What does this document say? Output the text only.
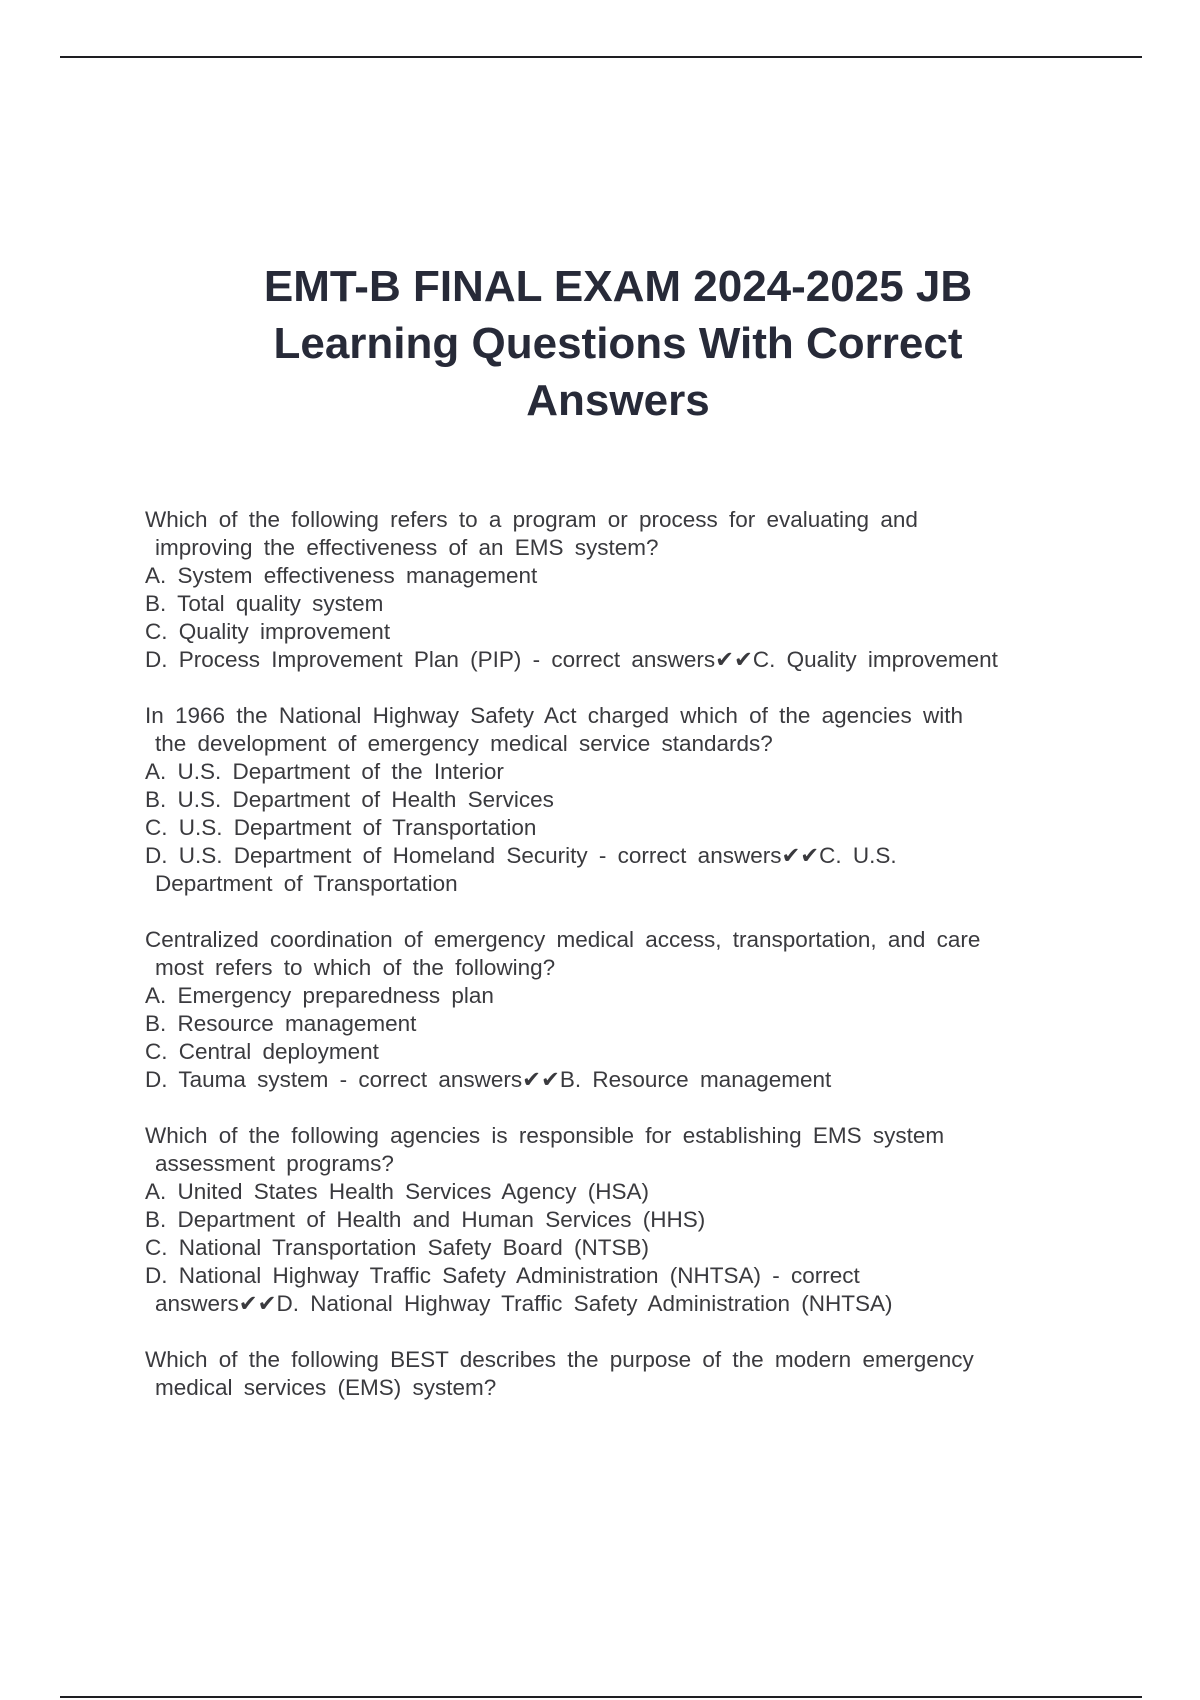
EMT-B FINAL EXAM 2024-2025 JB
Learning Questions With Correct
Answers
Which of the following refers to a program or process for evaluating and
improving the effectiveness of an EMS system?
A. System effectiveness management
B. Total quality system
C. Quality improvement
D. Process Improvement Plan (PIP) - correct answers✔✔C. Quality improvement
In 1966 the National Highway Safety Act charged which of the agencies with
the development of emergency medical service standards?
A. U.S. Department of the Interior
B. U.S. Department of Health Services
C. U.S. Department of Transportation
D. U.S. Department of Homeland Security - correct answers✔✔C. U.S.
Department of Transportation
Centralized coordination of emergency medical access, transportation, and care
most refers to which of the following?
A. Emergency preparedness plan
B. Resource management
C. Central deployment
D. Tauma system - correct answers✔✔B. Resource management
Which of the following agencies is responsible for establishing EMS system
assessment programs?
A. United States Health Services Agency (HSA)
B. Department of Health and Human Services (HHS)
C. National Transportation Safety Board (NTSB)
D. National Highway Traffic Safety Administration (NHTSA) - correct
answers✔✔D. National Highway Traffic Safety Administration (NHTSA)
Which of the following BEST describes the purpose of the modern emergency
medical services (EMS) system?
